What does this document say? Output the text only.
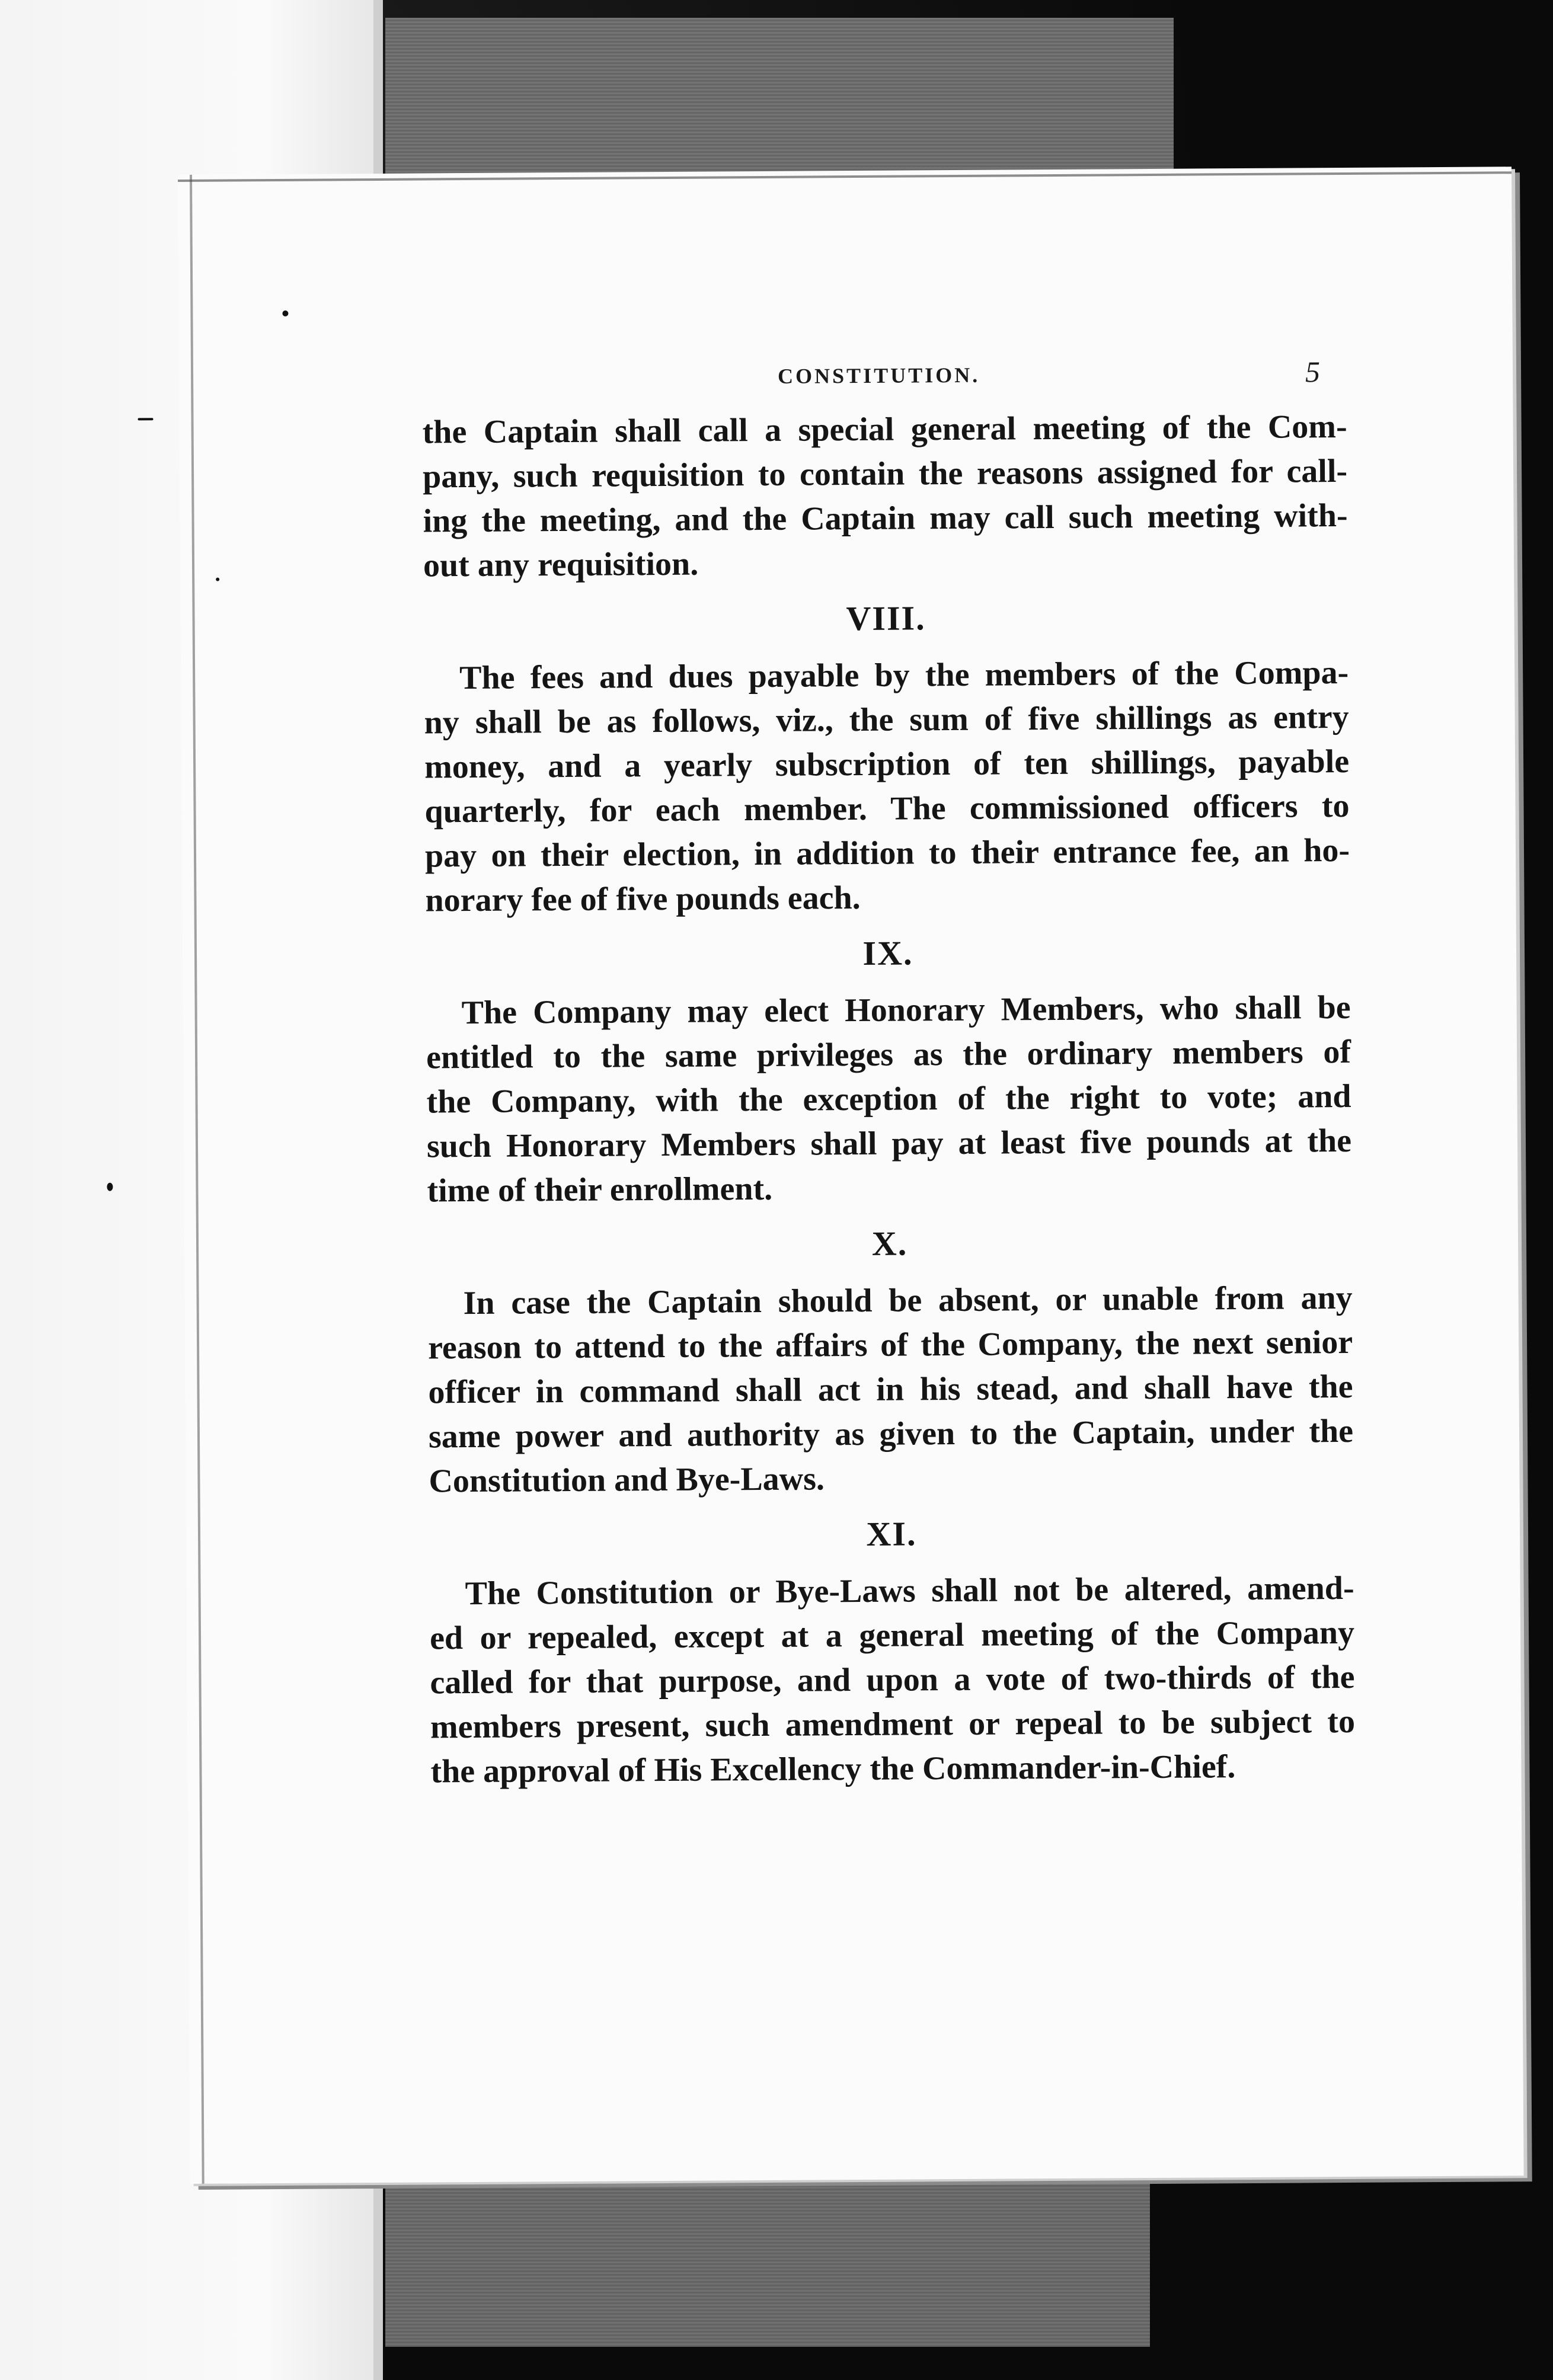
CONSTITUTION.	5
the Captain shall call a special general meeting of the Com-
pany, such requisition to contain the reasons assigned for call-
ing the meeting, and the Captain may call such meeting with-
out any requisition.
VIII.
The fees and dues payable by the members of the Compa-
ny shall be as follows, viz., the sum of five shillings as entry
money, and a yearly subscription of ten shillings, payable
quarterly, for each member. The commissioned officers to
pay on their election, in addition to their entrance fee, an ho-
norary fee of five pounds each.
IX.
The Company may elect Honorary Members, who shall be
entitled to the same privileges as the ordinary members of
the Company, with the exception of the right to vote; and
such Honorary Members shall pay at least five pounds at the
time of their enrollment.
X.
In case the Captain should be absent, or unable from any
reason to attend to the affairs of the Company, the next senior
officer in command shall act in his stead, and shall have the
same power and authority as given to the Captain, under the
Constitution and Bye-Laws.
XI.
The Constitution or Bye-Laws shall not be altered, amend-
ed or repealed, except at a general meeting of the Company
called for that purpose, and upon a vote of two-thirds of the
members present, such amendment or repeal to be subject to
the approval of His Excellency the Commander-in-Chief.
